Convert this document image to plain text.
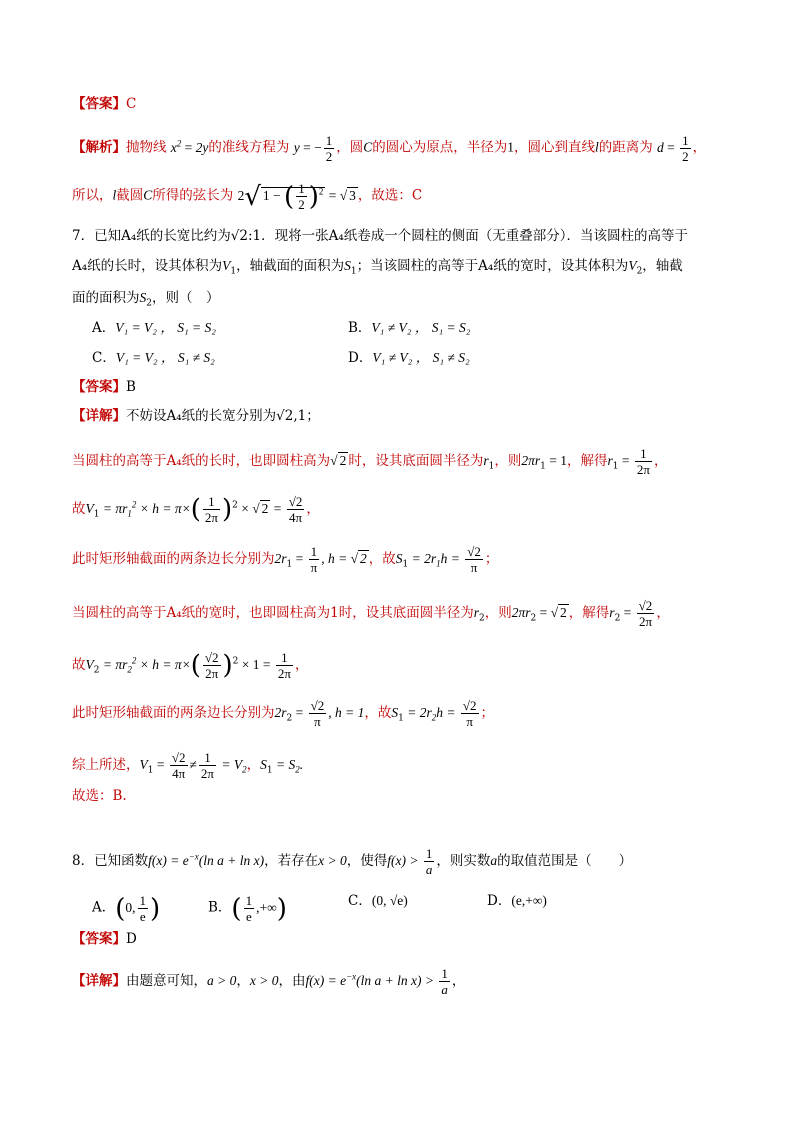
【答案】C
【解析】抛物线 $x^2 = 2y$的准线方程为 y = − $\frac{1}{2}$ ，圆C的圆心为原点，半径为1，圆心到直线l的距离为 $d = \frac{1}{2}$ ，
所以，l截圆C所得的弦长为 2√ 1 − ( $\frac{1}{2} )^2$ = √ 3 ，故选：C
7．已知A₄纸的长宽比约为√2:1．现将一张A₄纸卷成一个圆柱的侧面（无重叠部分）．当该圆柱的高等于
A₄纸的长时，设其体积为$V_1$，轴截面的面积为$S_1$；当该圆柱的高等于A₄纸的宽时，设其体积为$V_2$，轴截
面的面积为$S_2$，则（　）
A．V₁ = V₂ ， S₁ = S₂	B．V₁ ≠ V₂ ， S₁ = S₂
C．V₁ = V₂ ， S₁ ≠ S₂	D．V₁ ≠ V₂ ， S₁ ≠ S₂
【答案】B
【详解】不妨设A₄纸的长宽分别为√2,1；
当圆柱的高等于A₄纸的长时，也即圆柱高为√ 2 时，设其底面圆半径为$r_1$，则$2\pi r_1 = 1$，解得$r_1 = \frac{1}{2\pi}$ ，
故$V_1 = \pi r_1^2 \times h = \pi\times( \frac{1}{2\pi} )^2$ × √ $2 = \frac{√2}{4\pi}$ ，
此时矩形轴截面的两条边长分别为$2r_1 = \frac{1}{\pi}$ , h = √ 2 ，故$S_1 = 2r_1h = \frac{√2}{\pi}$ ；
当圆柱的高等于A₄纸的宽时，也即圆柱高为1时，设其底面圆半径为$r_2$，则$2\pi r_2$ = √ 2 ，解得$r_2 = \frac{√2}{2\pi}$ ，
故$V_2 = \pi r_2^2 \times h = \pi\times( \frac{√2}{2\pi} )^2 \times 1 = \frac{1}{2\pi}$ ，
此时矩形轴截面的两条边长分别为$2r_2 = \frac{√2}{\pi}$ , h = 1，故$S_1 = 2r_2h = \frac{√2}{\pi}$ ；
综上所述，$V_1 = \frac{√2}{4\pi} \ne \frac{1}{2\pi} = V_2$，$S_1 = S_2$.
故选：B.
8．已知函数$f(x) = e^{-x}(\ln$ a + ln x)，若存在x > 0，使得$f(x) > \frac{1}{a}$ ，则实数a的取值范围是（　　）
A．(0, $\frac{1}{e}$ )	B．( $\frac{1}{e}$ ,+∞)	C．(0, √e)	D．(e,+∞)
【答案】D
【详解】由题意可知，a > 0，x > 0，由$f(x) = e^{-x}(\ln$ $a + \ln x) > \frac{1}{a}$ ，
